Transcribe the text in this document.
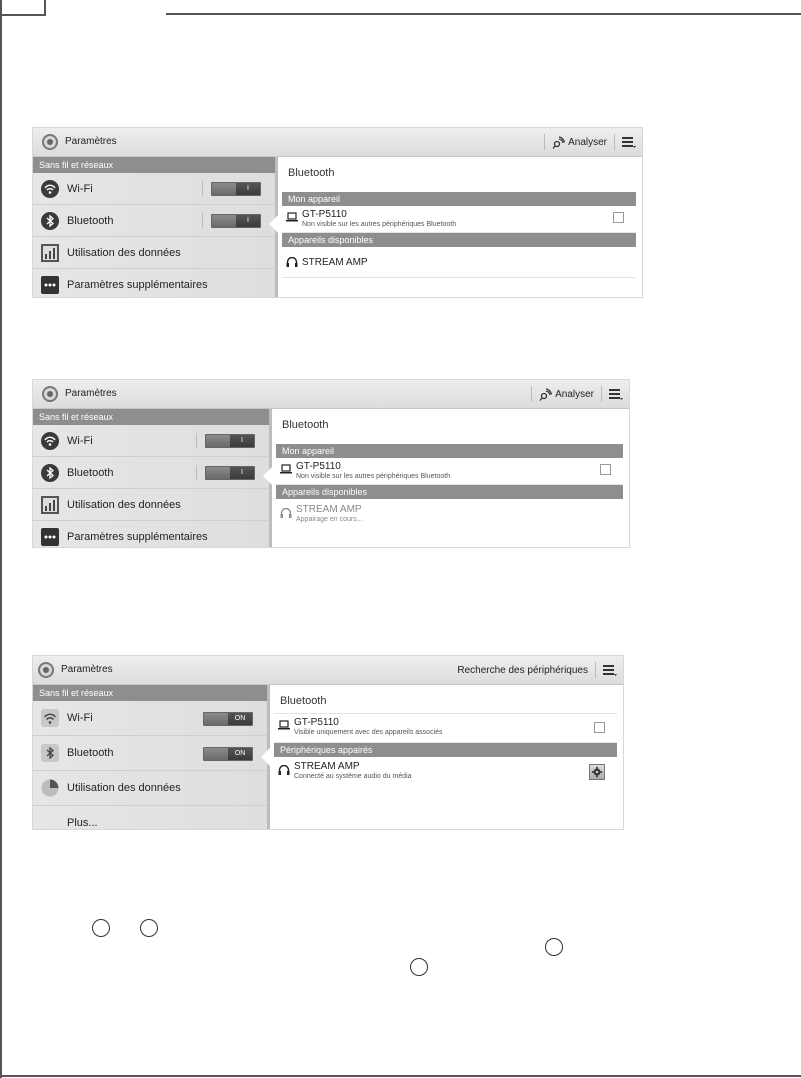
Paramètres	Analyser
Sans fil et réseaux
Wi-Fi	I
Bluetooth	I
Utilisation des données
Paramètres supplémentaires
Bluetooth
Mon appareil
GT-P5110
Non visible sur les autres périphériques Bluetooth
Appareils disponibles
STREAM AMP
Paramètres	Analyser
Sans fil et réseaux
Wi-Fi	I
Bluetooth	I
Utilisation des données
Paramètres supplémentaires
Bluetooth
Mon appareil
GT-P5110
Non visible sur les autres périphériques Bluetooth
Appareils disponibles
STREAM AMP
Appairage en cours...
Paramètres	Recherche des périphériques
Sans fil et réseaux
Wi-Fi	ON
Bluetooth	ON
Utilisation des données
Plus...
Bluetooth
GT-P5110
Visible uniquement avec des appareils associés
Périphériques appairés
STREAM AMP
Connecté au système audio du média
